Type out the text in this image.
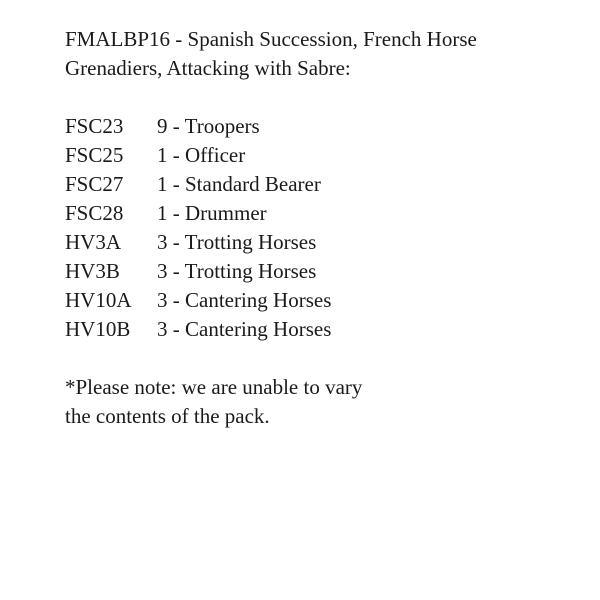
FMALBP16 - Spanish Succession, French Horse
Grenadiers, Attacking with Sabre:
FSC23	9 - Troopers
FSC25	1 - Officer
FSC27	1 - Standard Bearer
FSC28	1 - Drummer
HV3A	3 - Trotting Horses
HV3B	3 - Trotting Horses
HV10A	3 - Cantering Horses
HV10B	3 - Cantering Horses
*Please note: we are unable to vary
the contents of the pack.
